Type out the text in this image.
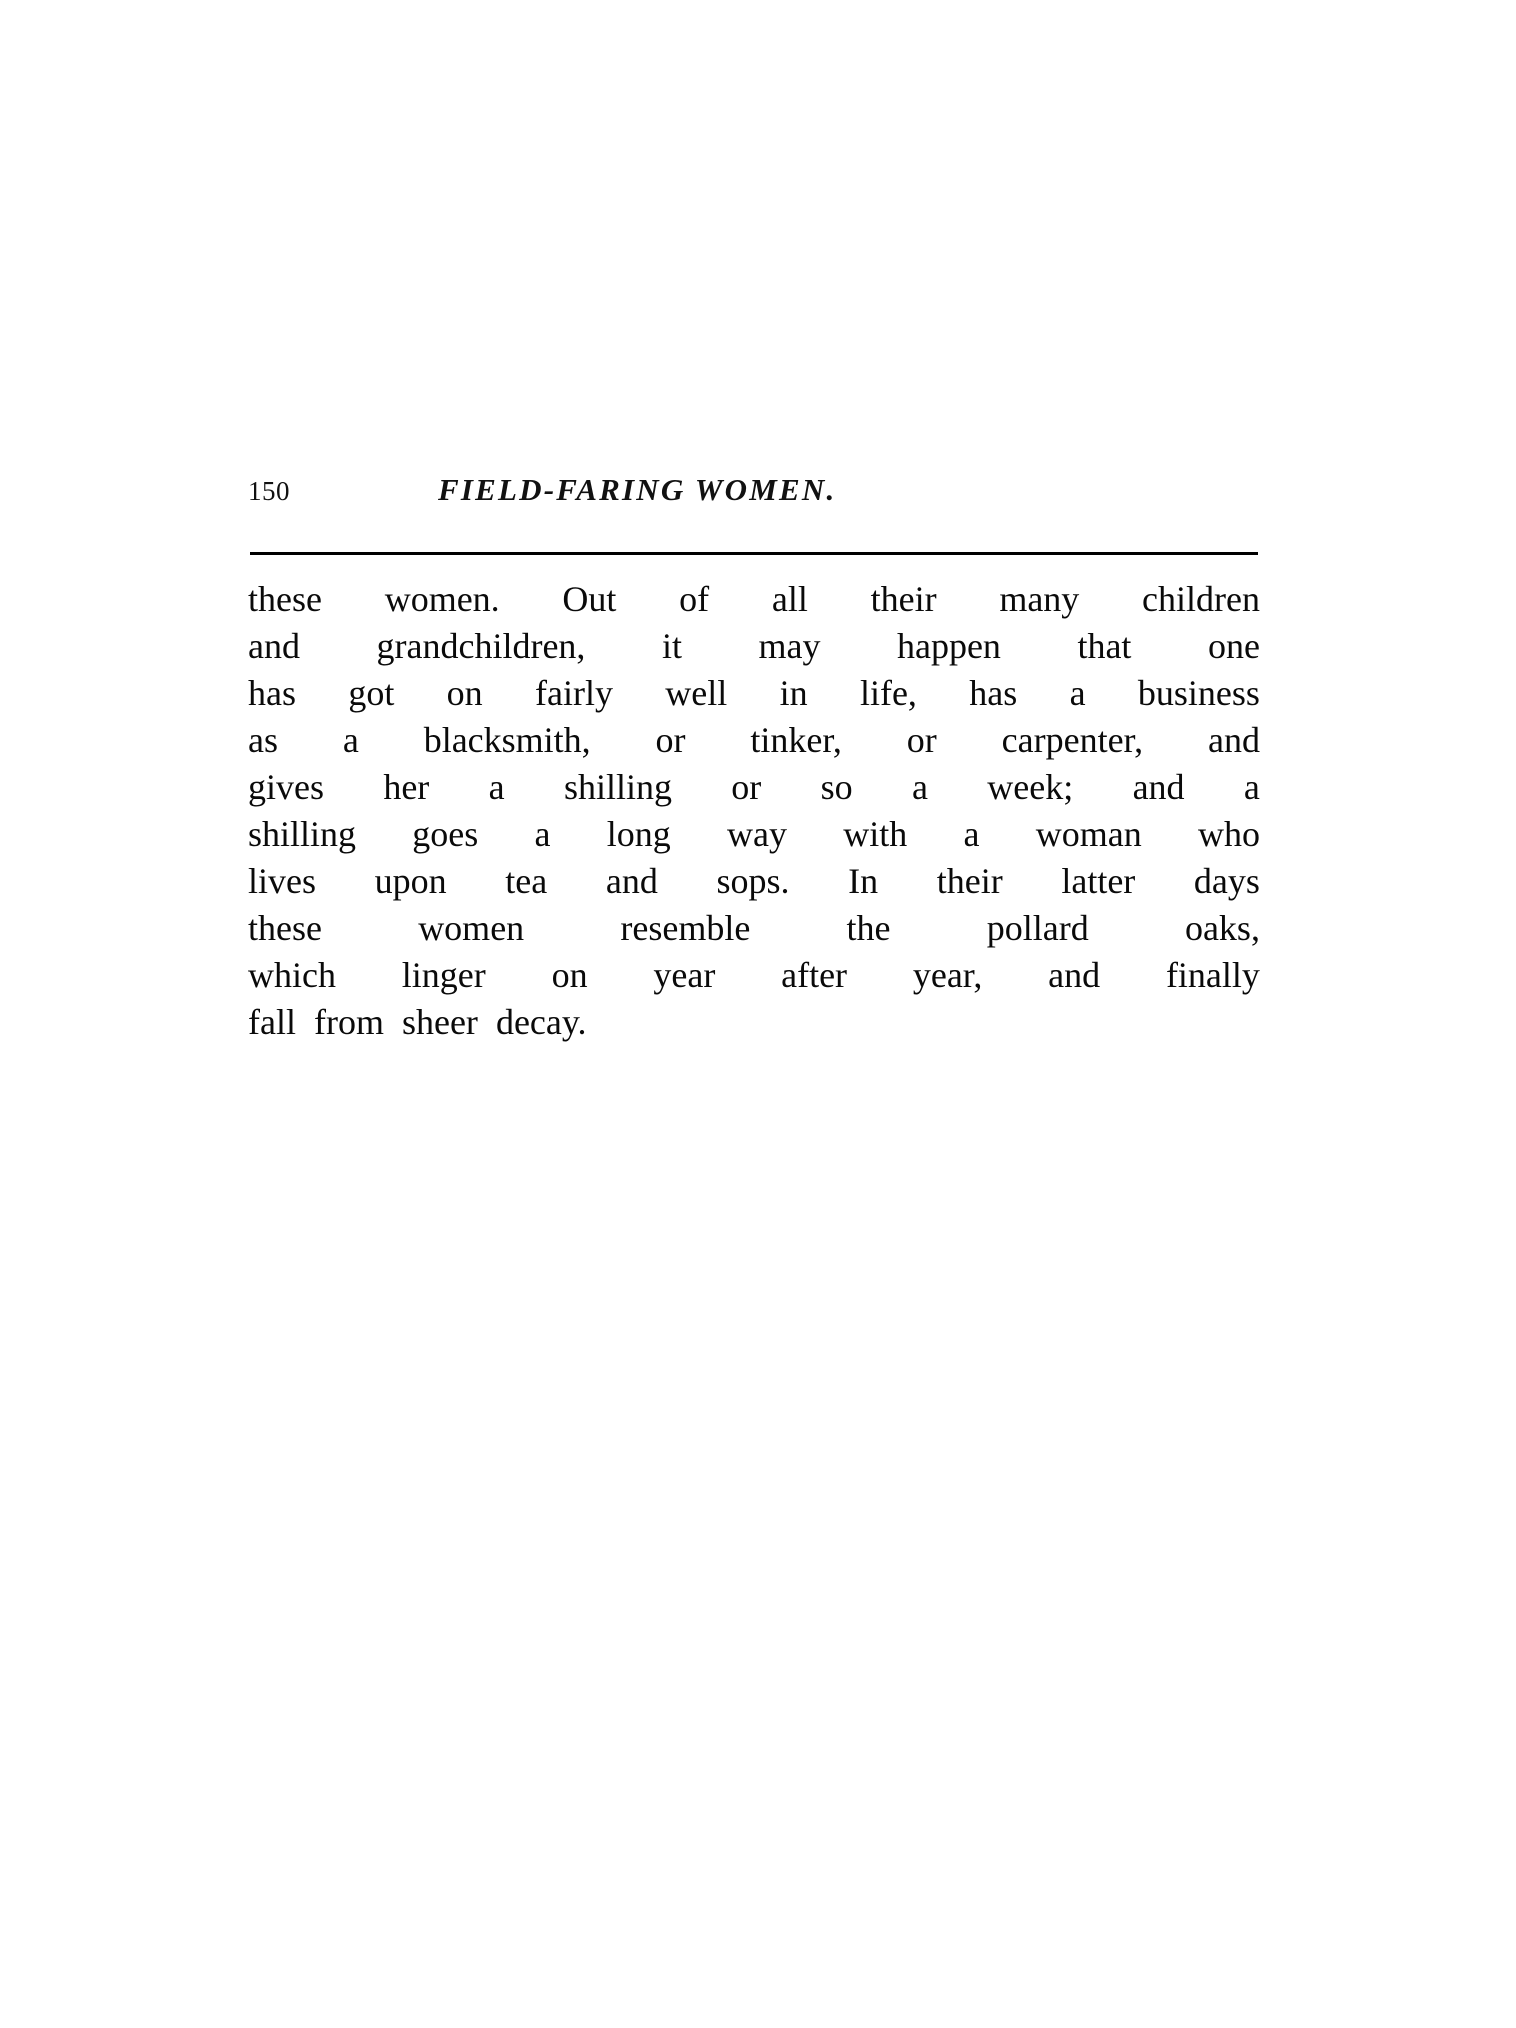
150	FIELD-FARING WOMEN.
these women. Out of all their many children
and grandchildren, it may happen that one
has got on fairly well in life, has a business
as a blacksmith, or tinker, or carpenter, and
gives her a shilling or so a week; and a
shilling goes a long way with a woman who
lives upon tea and sops. In their latter days
these	women	resemble	the	pollard	oaks,
which linger on year after year, and finally
fall from sheer decay.
